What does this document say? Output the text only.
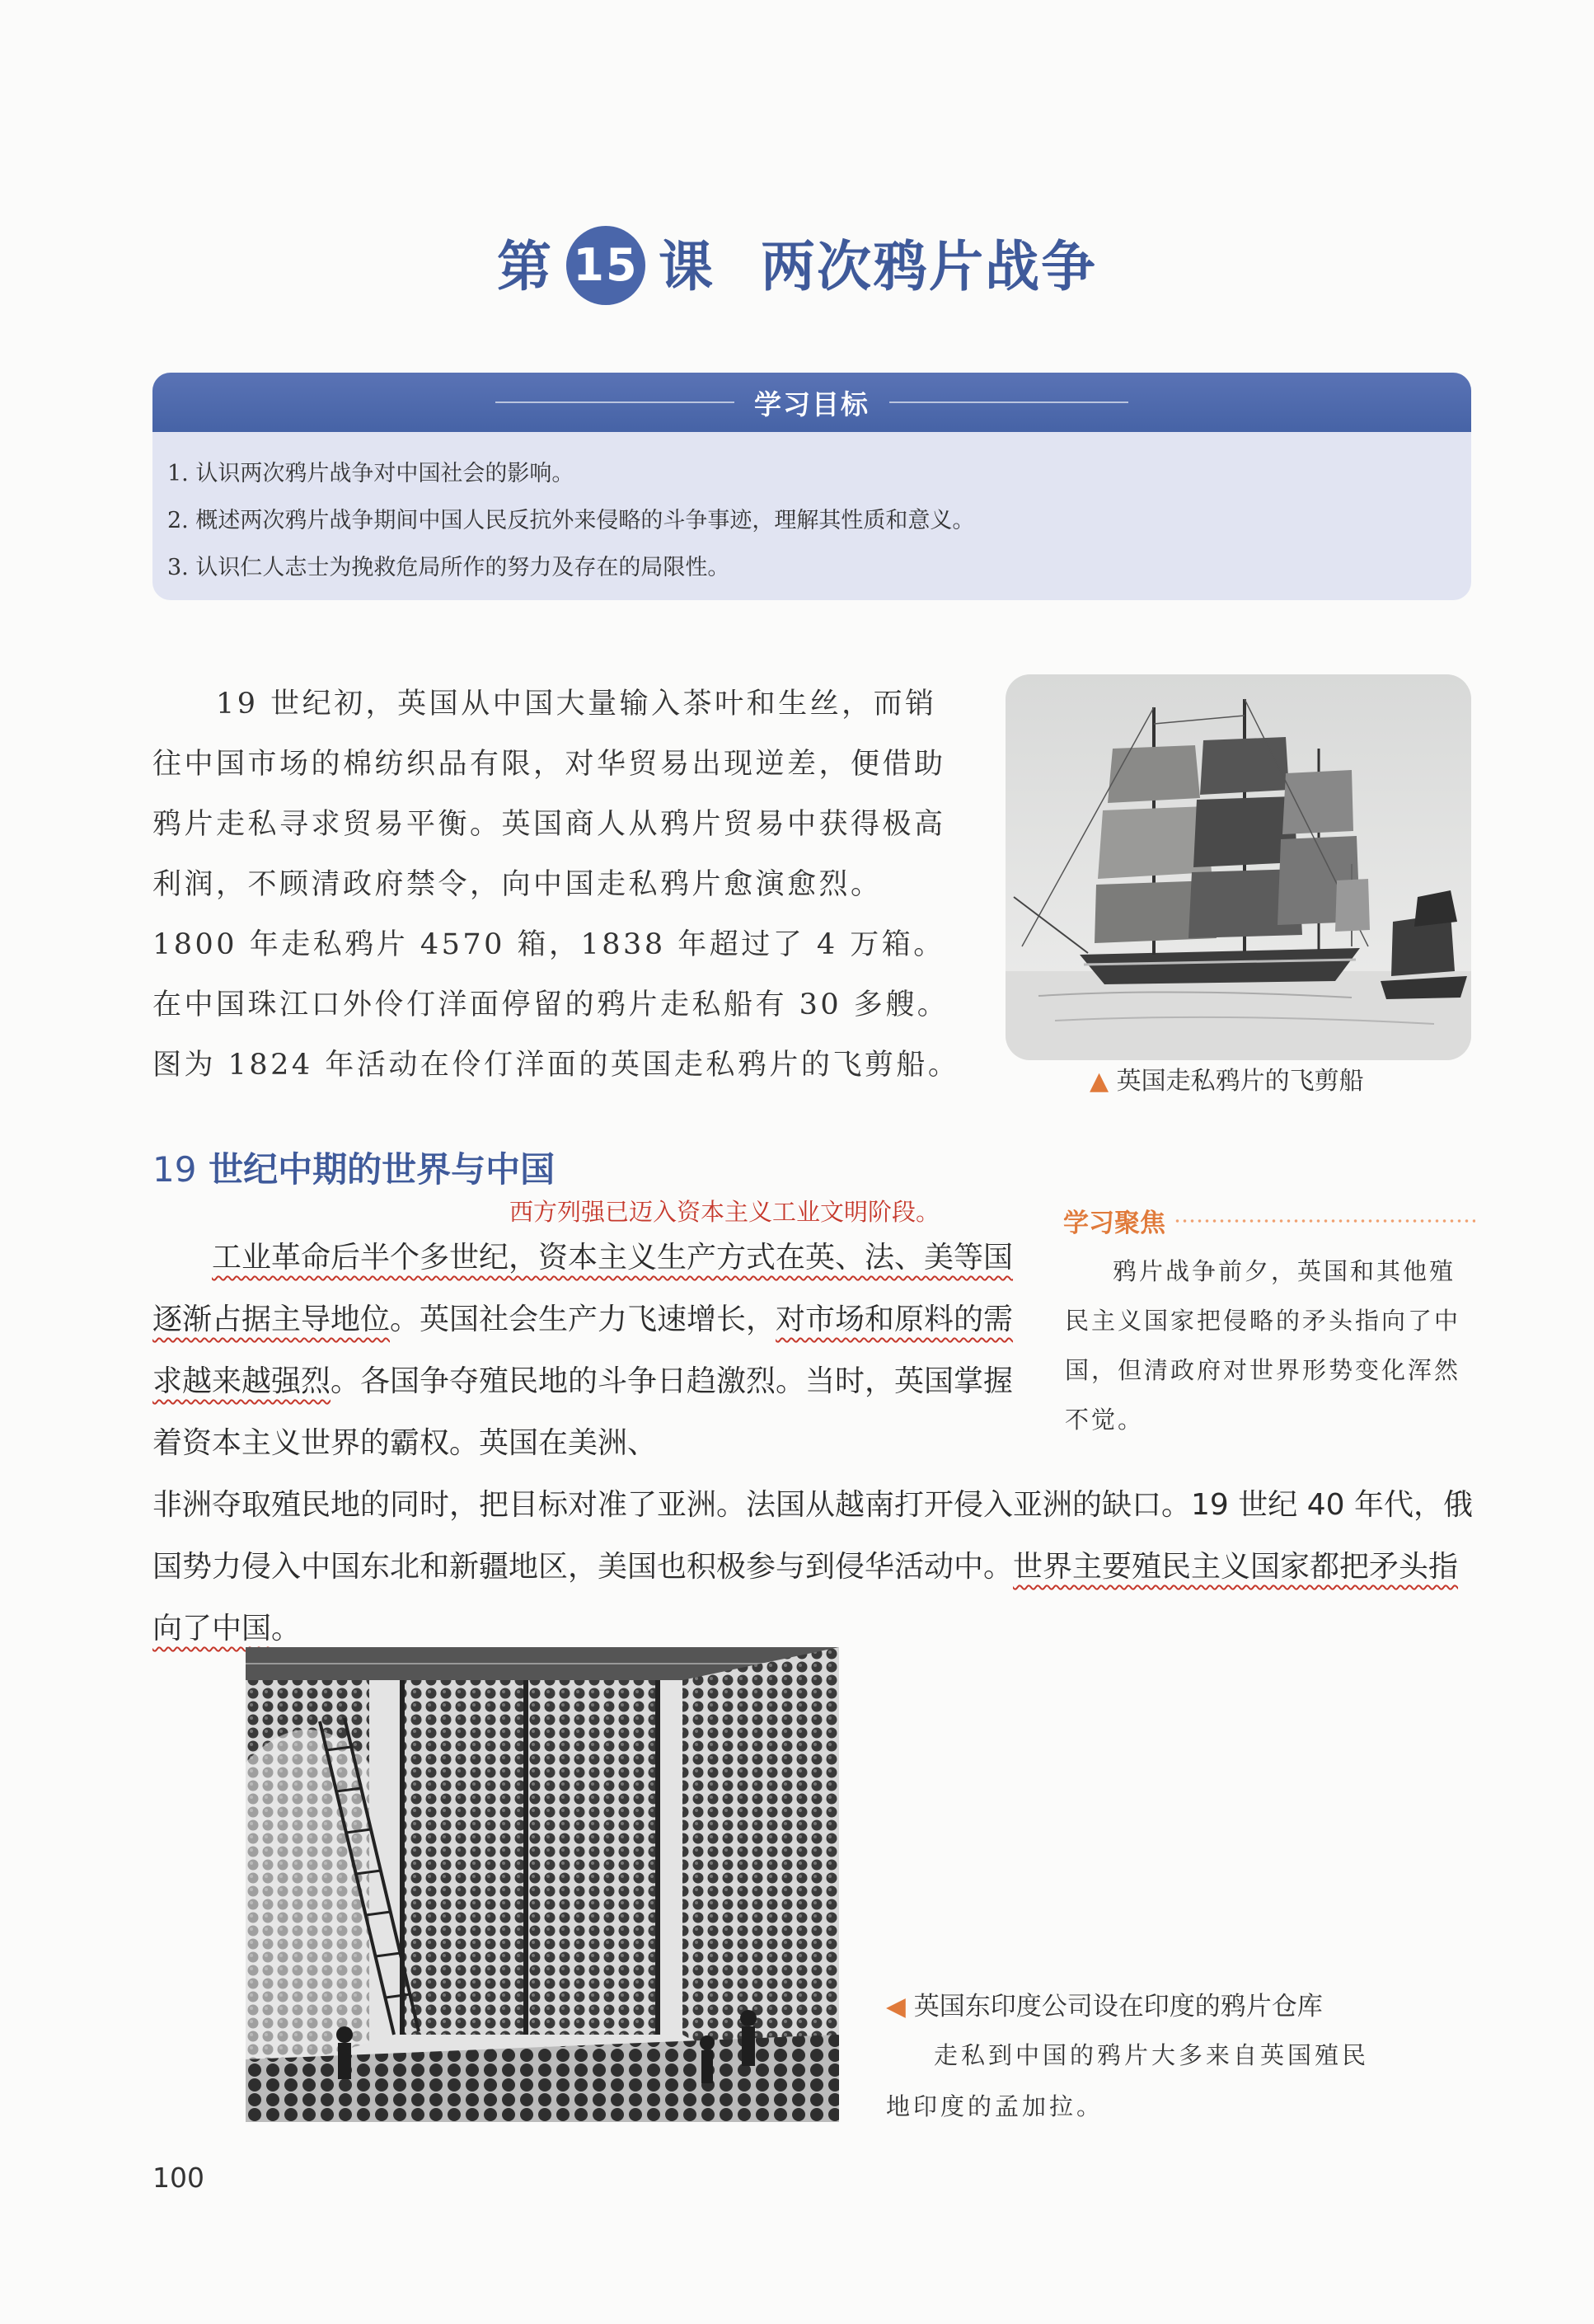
第 15 课 两次鸦片战争
学习目标
1. 认识两次鸦片战争对中国社会的影响。
2. 概述两次鸦片战争期间中国人民反抗外来侵略的斗争事迹，理解其性质和意义。
3. 认识仁人志士为挽救危局所作的努力及存在的局限性。

19 世纪初，英国从中国大量输入茶叶和生丝，而销往中国市场的棉纺织品有限，对华贸易出现逆差，便借助鸦片走私寻求贸易平衡。英国商人从鸦片贸易中获得极高利润，不顾清政府禁令，向中国走私鸦片愈演愈烈。1800 年走私鸦片 4570 箱，1838 年超过了 4 万箱。在中国珠江口外伶仃洋面停留的鸦片走私船有 30 多艘。图为 1824 年活动在伶仃洋面的英国走私鸦片的飞剪船。	▲ 英国走私鸦片的飞剪船
19 世纪中期的世界与中国
西方列强已迈入资本主义工业文明阶段。

工业革命后半个多世纪，资本主义生产方式在英、法、美等国逐渐占据主导地位。英国社会生产力飞速增长，对市场和原料的需求越来越强烈。各国争夺殖民地的斗争日趋激烈。当时，英国掌握着资本主义世界的霸权。英国在美洲、

非洲夺取殖民地的同时，把目标对准了亚洲。法国从越南打开侵入亚洲的缺口。19 世纪 40 年代，俄国势力侵入中国东北和新疆地区，美国也积极参与到侵华活动中。世界主要殖民主义国家都把矛头指向了中国。

学习聚焦

鸦片战争前夕，英国和其他殖民主义国家把侵略的矛头指向了中国，但清政府对世界形势变化浑然不觉。

◀ 英国东印度公司设在印度的鸦片仓库

走私到中国的鸦片大多来自英国殖民地印度的孟加拉。

100
